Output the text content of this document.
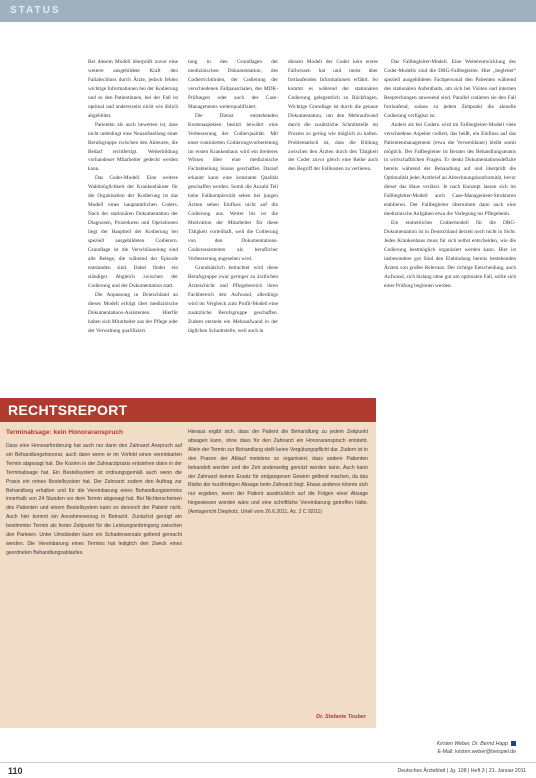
STATUS

Bei diesem Modell überprüft zuvor eine weitere ausgebildete Kraft den Fallabschluss durch Ärzte, jedoch fehlen wichtige Informationen bei der Kodierung und es den Patientinnen, bei der Fall ist optimal und andererseits nicht wie üblich abgebildet.

Patienten als auch bewerten ist, dass nicht unbedingt eine Neuaufstellung einer Berufsgruppe zwischen den Akteuren, die Bedarf rechtfertigt. Weiterbildung vorhandener Mitarbeiter gedeckt werden kann.

Das Coder-Modell. Eine weitere Wahlmöglichkeit der Krankenhäuser für die Organisation der Kodierung ist das Modell eines hauptamtlichen Coders. Nach der stationären Dokumentation der Diagnosen, Prozeduren und Operationen liegt der Hauptteil der Kodierung bei speziell ausgebildeten Codierern. Grundlage ist die Verschlüsselung sind alle Belege, die während der Episode entstanden sind. Dabei findet ein ständiger Abgleich zwischen der Codierung und der Dokumentation statt.

Die Anpassung in Deutschland an dieses Modell erfolgt über medizinische Dokumentations-Assistenten. Hierfür haben sich Mitarbeiter aus der Pflege oder der Verwaltung qualifiziert.

tung in den Grundlagen der medizinischen Dokumentation, des Codierrichtlinien, der Codierung der verschiedenen Fallpauschalen, des MDK-Prüfungen oder auch des Case-Managements weiterqualifiziert.

Die Dienst entstehenden Kostenaspekten besitzt bewährt eine Verbesserung der Codierqualität. Mit einer routinierten Codierungsvorbereitung im ersten Krankenhaus wird ein breiteres Wissen über eine medizinische Fachabteilung hinaus geschaffen. Darauf erkannt kann eine konstante Qualität geschaffen werden. Somit die Anzahl Teil hohe Fallkomplexität sehen bei jungen Ärzten sehen Einfluss nicht auf die Codierung aus. Weiter bis ist die Motivation der Mitarbeiter für diese Tätigkeit vorteilhaft, weil die Codierung von den Dokumentations-Codierassistenten als beruflicher Verbesserung angesehen wird.

Grundsätzlich betrachtet wird diese Berufsgruppe zwar geringer zu ärztlichen Ärzteschicht und Pflegebereich ihren Fachbereich den Aufwand, allerdings wird im Vergleich zum Profil-Modell eine zusätzliche Berufsgruppe geschaffen. Zudem entsteht ein Mehraufwand in der täglichen Schnittstelle, weil auch in

diesem Modell der Coder kein erstes Fallwissen hat und meist über fortlaufenden Informationen erfährt. So kommt es während der stationären Codierung gelegentlich zu Rückfragen. Wichtige Grundlage ist durch die genaue Dokumentation, um den Mehraufwand durch die zusätzliche Schnittstelle im Prozess so gering wie möglich zu halten. Problematisch ist, dass die Bildung zwischen den Ärzten durch den Tätigkeit der Coder zuvor gleich eine Reihe auch den Begriff der Fallkosten zu verlieren.

Das Fallbegleiter-Modell. Eine Weiterentwicklung des Coder-Modells sind die DRG-Fallbegleiter. Hier „begleitet“ speziell ausgebildetes Fachpersonal den Patienten während des stationären Aufenthalts, um sich bei Visiten und internen Besprechungen anwesend sind. Parallel codieren sie den Fall fortlaufend, sodass zu jedem Zeitpunkt die aktuelle Codierung verfügbar ist.

Anders als bei Codern wird im Fallbegleiter-Modell viele verschiedene Aspekte codiert, das heißt, ein Einfluss auf das Patientenmanagement (etwa die Verweildauer) bleibt somit möglich. Der Fallbegleiter ist Berater des Behandlungsteams in wirtschaftlichen Fragen. Er denkt Dokumentationsdefizite bereits während der Behandlung auf und überprüft die Optimalität jeder Arztbrief an Abrechnungskonformität, bevor dieser das Haus verlässt. Je nach Konzept lassen sich im Fallbegleiter-Modell auch Case-Management-Strukturen etablieren. Der Fallbegleiter übernimmt dann auch eine medizinische Aufgaben etwa die Verlegung ins Pflegeheim.

Ein einheitliches Codiermodell für die DRG-Dokumentation ist in Deutschland derzeit noch nicht in Sicht. Jedes Krankenhaus muss für sich selbst entscheiden, wie die Codierung bestmöglich organisiert werden kann. Hier ist insbesondere gut Sind den Einbindung bereits bestehenden Ärzten von großer Relevanz. Der richtige Entscheidung, auch Aufwand, sich bislang ohne gut um optimalen Fall, sollte sich einer Prüfung beginnen werden.

RECHTSREPORT
Terminabsage: kein Honoraranspruch
Dass eine Honorarforderung hat auch nur dann den Zahnarzt Anspruch auf ein Behandlungshonorar, auch dann wenn er im Vorfeld einen vereinbarten Termin abgesagt hat. Die Kosten in der Zahnarztpraxis entstehen dann in der Terminabsage hat. Ein Bestellsystem ist ordnungsgemäß auch wenn die Praxis ein reines Bestellsystem hat. Der Zahnarzt zudem den Auftrag zur Behandlung erhalten und für die Vereinbarung eines Behandlungstermins innerhalb von 24 Stunden vor dem Termin abgesagt hat. Bei Nichterscheinen des Patienten und einem Bestellsystem kann es dennoch der Patient nicht. Auch hier kommt ein Annahmeverzug in Betracht. Zunächst genügt ein bestimmter Termin als fester Zeitpunkt für die Leistungserbringung zwischen den Parteien. Unter Umständen kann ein Schadensersatz geltend gemacht werden. Die Vereinbarung eines Termins hat lediglich den Zweck eines geordneten Behandlungsablaufes.
Hieraus ergibt sich, dass der Patient die Behandlung zu jedem Zeitpunkt absagen kann, ohne dass für den Zahnarzt ein Honoraranspruch entsteht. Allein der Termin zur Behandlung stellt keine Vergütungspflicht dar. Zudem ist in den Praxen der Ablauf meistens so organisiert, dass andere Patienten behandelt werden und die Zeit anderweitig genutzt werden kann. Auch kann der Zahnarzt keinen Ersatz für entgangenen Gewinn geltend machen, da das Risiko der kurzfristigen Absage beim Zahnarzt liegt. Etwas anderes könnte sich nur ergeben, wenn der Patient ausdrücklich auf die Folgen einer Absage hingewiesen worden wäre und eine schriftliche Vereinbarung getroffen hätte. (Amtsgericht Diepholz, Urteil vom 26.6.2011, Az. 2 C 92/11)
Dr. Stefanie Teuber
Kirsten Weber, Dr. Bernd Happ
E-Mail: kirsten.weber@beispiel.de
110	Deutsches Ärzteblatt | Jg. 108 | Heft 3 | 21. Januar 2011
